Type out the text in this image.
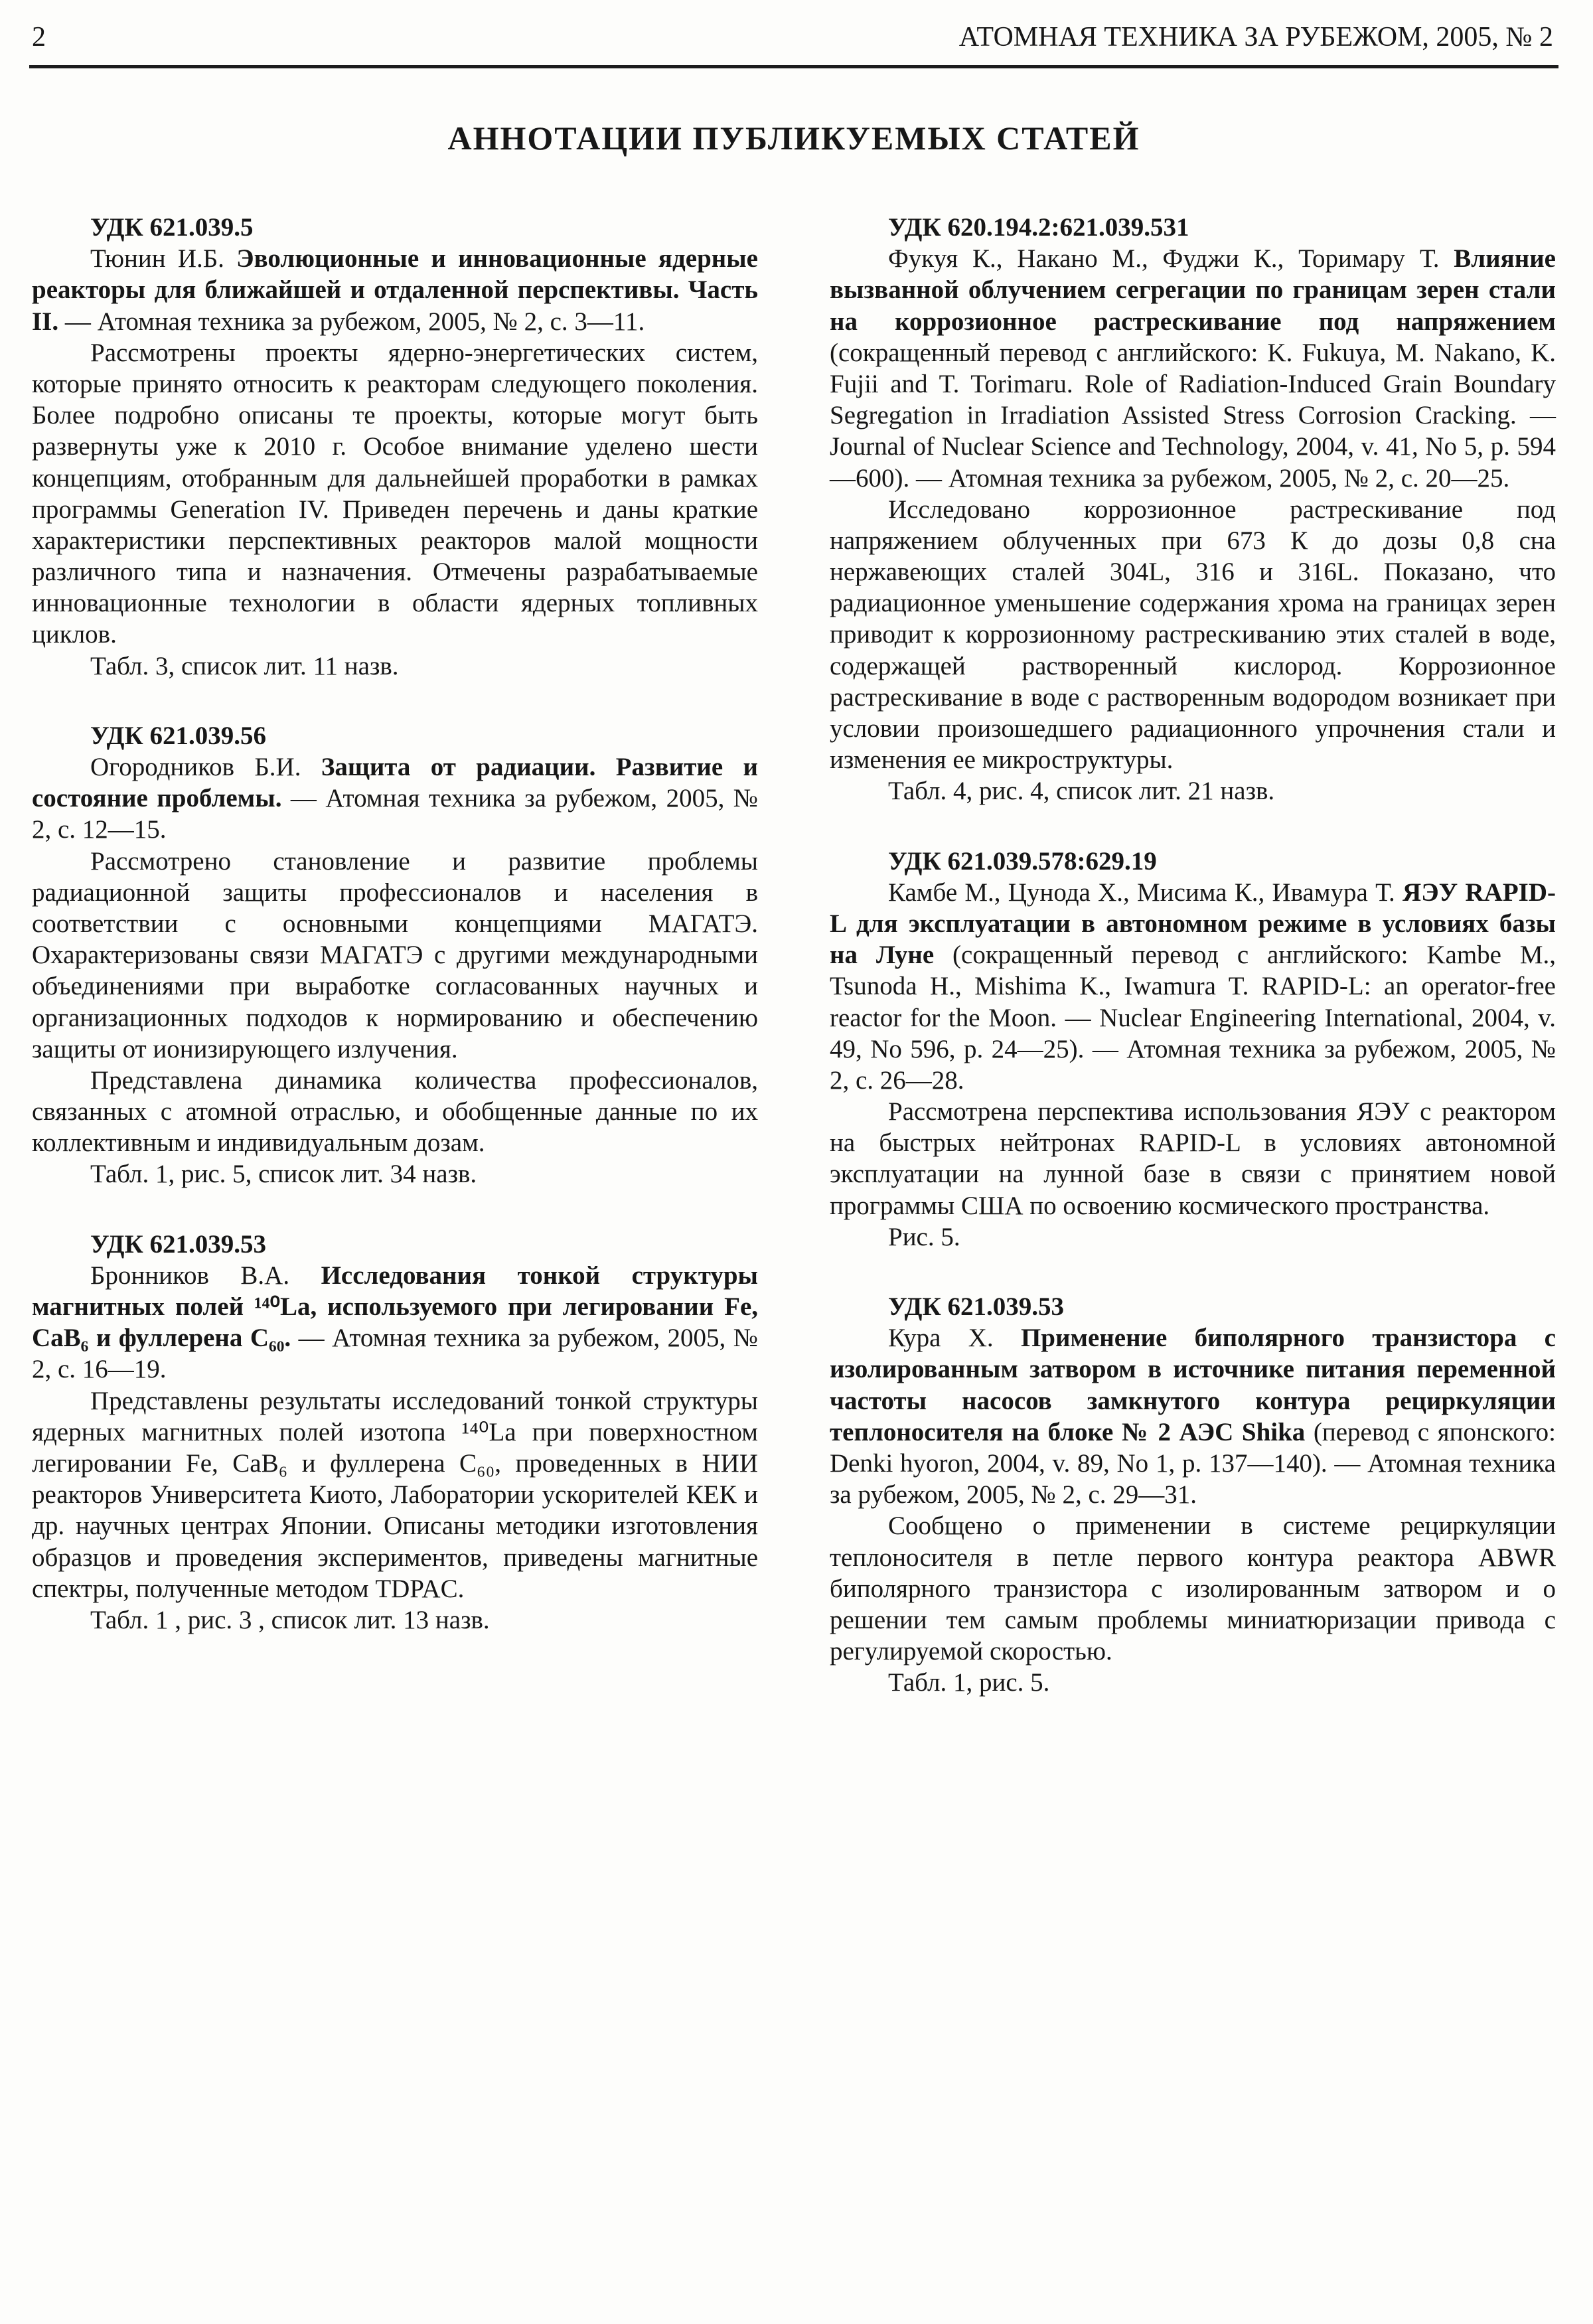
2	АТОМНАЯ ТЕХНИКА ЗА РУБЕЖОМ, 2005, № 2
АННОТАЦИИ ПУБЛИКУЕМЫХ СТАТЕЙ

УДК 621.039.5

Тюнин И.Б. Эволюционные и инновационные ядерные реакторы для ближайшей и отдаленной перспективы. Часть II. — Атомная техника за рубежом, 2005, № 2, с. 3—11.

Рассмотрены проекты ядерно-энергетических систем, которые принято относить к реакторам следующего поколения. Более подробно описаны те проекты, которые могут быть развернуты уже к 2010 г. Особое внимание уделено шести концепциям, отобранным для дальнейшей проработки в рамках программы Generation IV. Приведен перечень и даны краткие характеристики перспективных реакторов малой мощности различного типа и назначения. Отмечены разрабатываемые инновационные технологии в области ядерных топливных циклов.

Табл. 3, список лит. 11 назв.

УДК 621.039.56

Огородников Б.И. Защита от радиации. Развитие и состояние проблемы. — Атомная техника за рубежом, 2005, № 2, с. 12—15.

Рассмотрено становление и развитие проблемы радиационной защиты профессионалов и населения в соответствии с основными концепциями МАГАТЭ. Охарактеризованы связи МАГАТЭ с другими международными объединениями при выработке согласованных научных и организационных подходов к нормированию и обеспечению защиты от ионизирующего излучения.

Представлена динамика количества профессионалов, связанных с атомной отраслью, и обобщенные данные по их коллективным и индивидуальным дозам.

Табл. 1, рис. 5, список лит. 34 назв.

УДК 621.039.53

Бронников В.А. Исследования тонкой структуры магнитных полей ¹⁴⁰La, используемого при легировании Fe, CaB₆ и фуллерена C₆₀. — Атомная техника за рубежом, 2005, № 2, с. 16—19.

Представлены результаты исследований тонкой структуры ядерных магнитных полей изотопа ¹⁴⁰La при поверхностном легировании Fe, CaB₆ и фуллерена C₆₀, проведенных в НИИ реакторов Университета Киото, Лаборатории ускорителей КЕК и др. научных центрах Японии. Описаны методики изготовления образцов и проведения экспериментов, приведены магнитные спектры, полученные методом TDPAC.

Табл. 1 , рис. 3 , список лит. 13 назв.

УДК 620.194.2:621.039.531

Фукуя К., Накано М., Фуджи К., Торимару Т. Влияние вызванной облучением сегрегации по границам зерен стали на коррозионное растрескивание под напряжением (сокращенный перевод с английского: K. Fukuya, M. Nakano, K. Fujii and T. Torimaru. Role of Radiation-Induced Grain Boundary Segregation in Irradiation Assisted Stress Corrosion Cracking. — Journal of Nuclear Science and Technology, 2004, v. 41, No 5, p. 594—600). — Атомная техника за рубежом, 2005, № 2, с. 20—25.

Исследовано коррозионное растрескивание под напряжением облученных при 673 К до дозы 0,8 сна нержавеющих сталей 304L, 316 и 316L. Показано, что радиационное уменьшение содержания хрома на границах зерен приводит к коррозионному растрескиванию этих сталей в воде, содержащей растворенный кислород. Коррозионное растрескивание в воде с растворенным водородом возникает при условии произошедшего радиационного упрочнения стали и изменения ее микроструктуры.

Табл. 4, рис. 4, список лит. 21 назв.

УДК 621.039.578:629.19

Камбе М., Цунода Х., Мисима К., Ивамура Т. ЯЭУ RAPID-L для эксплуатации в автономном режиме в условиях базы на Луне (сокращенный перевод с английского: Kambe M., Tsunoda H., Mishima K., Iwamura T. RAPID-L: an operator-free reactor for the Moon. — Nuclear Engineering International, 2004, v. 49, No 596, p. 24—25). — Атомная техника за рубежом, 2005, № 2, с. 26—28.

Рассмотрена перспектива использования ЯЭУ с реактором на быстрых нейтронах RAPID-L в условиях автономной эксплуатации на лунной базе в связи с принятием новой программы США по освоению космического пространства.

Рис. 5.

УДК 621.039.53

Кура Х. Применение биполярного транзистора с изолированным затвором в источнике питания переменной частоты насосов замкнутого контура рециркуляции теплоносителя на блоке № 2 АЭС Shika (перевод с японского: Denki hyoron, 2004, v. 89, No 1, p. 137—140). — Атомная техника за рубежом, 2005, № 2, с. 29—31.

Сообщено о применении в системе рециркуляции теплоносителя в петле первого контура реактора ABWR биполярного транзистора с изолированным затвором и о решении тем самым проблемы миниатюризации привода с регулируемой скоростью.

Табл. 1, рис. 5.
